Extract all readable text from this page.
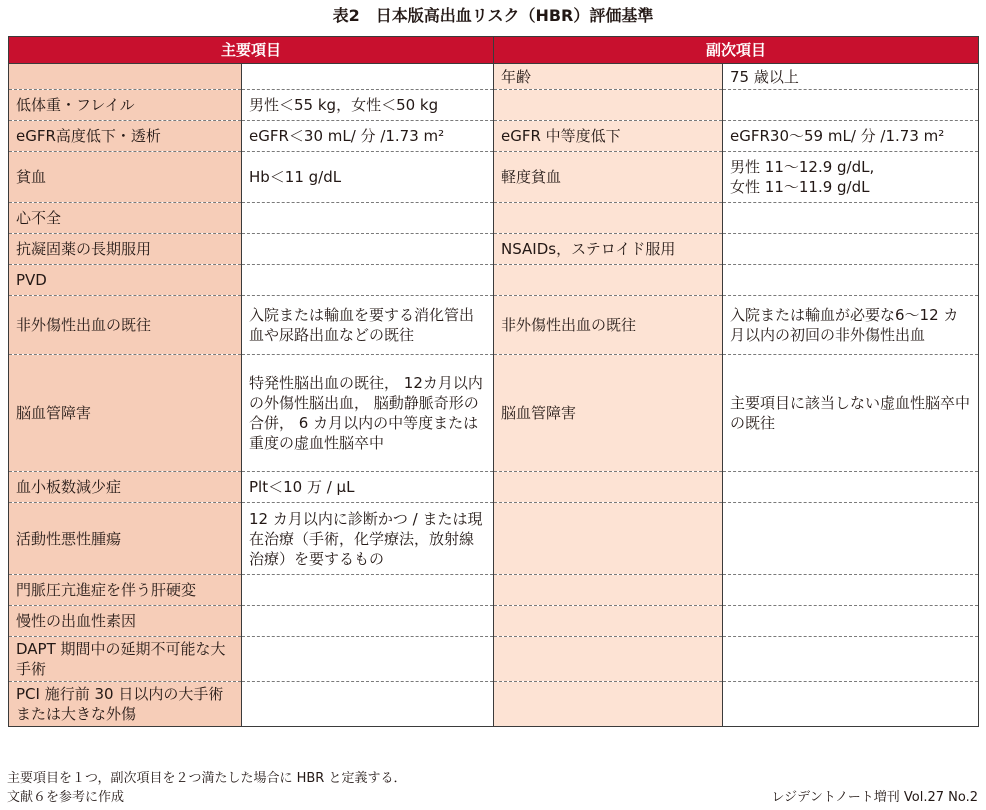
表2　日本版高出血リスク（HBR）評価基準
主要項目		副次項目	
		年齢	75 歳以上
低体重・フレイル	男性＜55 kg，女性＜50 kg		
eGFR高度低下・透析	eGFR＜30 mL/ 分 /1.73 m²	eGFR 中等度低下	eGFR30～59 mL/ 分 /1.73 m²
貧血	Hb＜11 g/dL	軽度貧血	男性 11～12.9 g/dL,
女性 11～11.9 g/dL
心不全			
抗凝固薬の長期服用		NSAIDs，ステロイド服用	
PVD			
非外傷性出血の既往	入院または輸血を要する消化管出血や尿路出血などの既往	非外傷性出血の既往	入院または輸血が必要な6～12 カ月以内の初回の非外傷性出血
脳血管障害	特発性脳出血の既往， 12カ月以内の外傷性脳出血， 脳動静脈奇形の合併， 6 カ月以内の中等度または重度の虚血性脳卒中	脳血管障害	主要項目に該当しない虚血性脳卒中の既往
血小板数減少症	Plt＜10 万 / μL		
活動性悪性腫瘍	12 カ月以内に診断かつ / または現在治療（手術，化学療法，放射線治療）を要するもの		
門脈圧亢進症を伴う肝硬変			
慢性の出血性素因			
DAPT 期間中の延期不可能な大手術			
PCI 施行前 30 日以内の大手術または大きな外傷			
主要項目を１つ，副次項目を２つ満たした場合に HBR と定義する．
文献６を参考に作成	レジデントノート増刊 Vol.27 No.2
